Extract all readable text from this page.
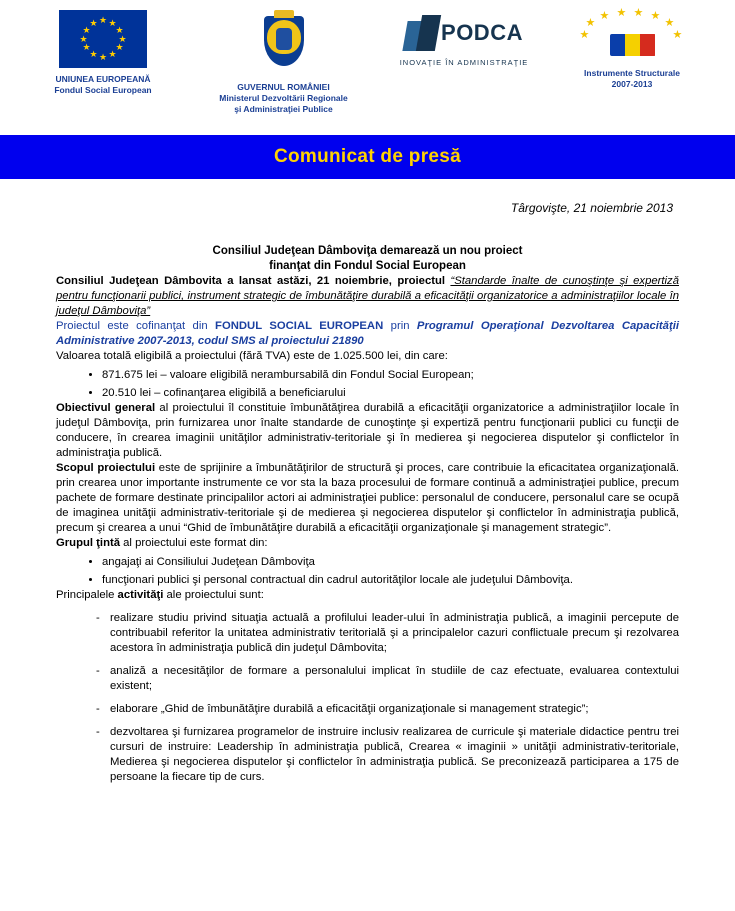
★
★ ★
★	★
★	★
★	★
★ ★
★
UNIUNEA EUROPEANĂ
Fondul Social European	GUVERNUL ROMÂNIEI
Ministerul Dezvoltării Regionale
şi Administraţiei Publice
PODCA
INOVAŢIE ÎN ADMINISTRAŢIE
★
★ ★ ★ ★
★
★
★
Instrumente Structurale
2007-2013
Comunicat de presă
Târgovişte, 21 noiembrie 2013
Consiliul Judeţean Dâmboviţa demarează un nou proiect
finanţat din Fondul Social European

Consiliul Judeţean Dâmbovita a lansat astăzi, 21 noiembrie, proiectul “Standarde înalte de cunoştinţe şi expertiză pentru funcţionarii publici, instrument strategic de îmbunătăţire durabilă a eficacităţii organizatorice a administraţiilor locale în judeţul Dâmboviţa”

Proiectul este cofinanţat din FONDUL SOCIAL EUROPEAN prin Programul Operaţional Dezvoltarea Capacităţii Administrative 2007-2013, codul SMS al proiectului 21890

Valoarea totală eligibilă a proiectului (fără TVA) este de 1.025.500 lei, din care:

• 871.675 lei – valoare eligibilă nerambursabilă din Fondul Social European;
• 20.510 lei – cofinanţarea eligibilă a beneficiarului

Obiectivul general al proiectului îl constituie îmbunătăţirea durabilă a eficacităţii organizatorice a administraţiilor locale în judeţul Dâmboviţa, prin furnizarea unor înalte standarde de cunoştinţe şi expertiză pentru funcţionarii publici cu funcţii de conducere, în crearea imaginii unităţilor administrativ-teritoriale şi în medierea şi negocierea disputelor şi conflictelor în administraţia publică.

Scopul proiectului este de sprijinire a îmbunătăţirilor de structură şi proces, care contribuie la eficacitatea organizaţională. prin crearea unor importante instrumente ce vor sta la baza procesului de formare continuă a administraţiei publice, precum pachete de formare destinate principalilor actori ai administraţiei publice: personalul de conducere, personalul care se ocupă de imaginea unităţii administrativ-teritoriale şi de medierea şi negocierea disputelor şi conflictelor în administraţia publică, precum şi crearea a unui “Ghid de îmbunătăţire durabilă a eficacităţii organizaţionale şi management strategic”.

Grupul ţintă al proiectului este format din:

• angajaţi ai Consiliului Judeţean Dâmboviţa
• funcţionari publici şi personal contractual din cadrul autorităţilor locale ale judeţului Dâmboviţa.

Principalele activităţi ale proiectului sunt:

- realizare studiu privind situaţia actuală a profilului leader-ului în administraţia publică, a imaginii percepute de contribuabil referitor la unitatea administrativ teritorială şi a principalelor cazuri conflictuale precum şi rezolvarea acestora în administraţia publică din judeţul Dâmbovita;
- analiză a necesităţilor de formare a personalului implicat în studiile de caz efectuate, evaluarea contextului existent;
- elaborare „Ghid de îmbunătăţire durabilă a eficacităţii organizaţionale si management strategic”;
- dezvoltarea şi furnizarea programelor de instruire inclusiv realizarea de curricule şi materiale didactice pentru trei cursuri de instruire: Leadership în administraţia publică, Crearea « imaginii » unităţii administrativ-teritoriale, Medierea şi negocierea disputelor şi conflictelor în administraţia publică. Se preconizează participarea a 175 de persoane la fiecare tip de curs.
